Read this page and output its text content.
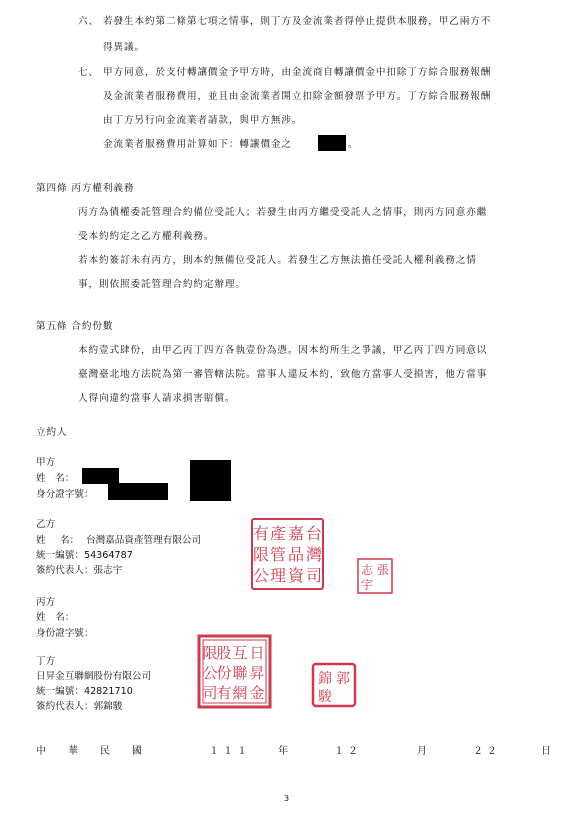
六、 若發生本約第二條第七項之情事，則丁方及金流業者得停止提供本服務，甲乙兩方不
得異議。
七、 甲方同意，於支付轉讓價金予甲方時，由金流商自轉讓價金中扣除丁方綜合服務報酬
及金流業者服務費用，並且由金流業者開立扣除金額發票予甲方。丁方綜合服務報酬
由丁方另行向金流業者請款，與甲方無涉。
金流業者服務費用計算如下：轉讓價金之	。
第四條 丙方權利義務
丙方為債權委託管理合約備位受託人；若發生由丙方繼受受託人之情事，則丙方同意亦繼
受本約約定之乙方權利義務。
若本約簽訂未有丙方，則本約無備位受託人。若發生乙方無法擔任受託人權利義務之情
事，則依照委託管理合約約定辦理。
第五條 合約份數
本約壹式肆份，由甲乙丙丁四方各執壹份為憑。因本約所生之爭議，甲乙丙丁四方同意以
臺灣臺北地方法院為第一審管轄法院。當事人違反本約，致他方當事人受損害，他方當事
人得向違約當事人請求損害賠償。
立約人
甲方
姓　名：
身分證字號：
乙方
姓 名： 台灣嘉品資產管理有限公司
統一編號：54364787
簽約代表人：張志宇
台
灣
嘉
品
資
產
管
理
有
限
公 司	張
志
宇
丙方
姓　名：
身份證字號：
丁方
日昇金互聯網股份有限公司
統一編號：42821710
簽約代表人：郭錦駿
日
昇
金
互
聯
網
股
份
有
限
公
司
郭
錦
駿
中　華　民　國	１１１	年	１２	月	２２	日
3
